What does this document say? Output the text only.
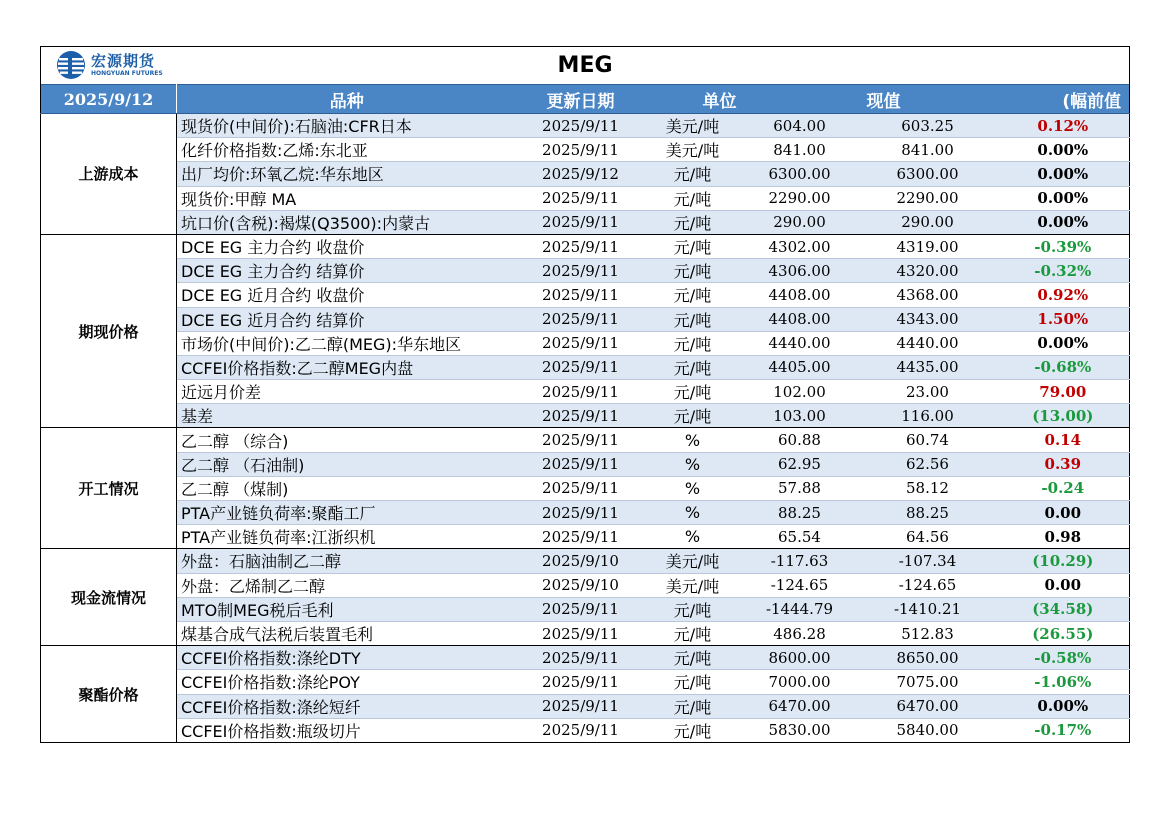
宏源期货
HONGYUAN FUTURES MEG						
2025/9/12	品种	更新日期	单位		现值	(幅前值
上游成本	现货价(中间价):石脑油:CFR日本	2025/9/11	美元/吨	604.00	603.25	0.12%
	化纤价格指数:乙烯:东北亚	2025/9/11	美元/吨	841.00	841.00	0.00%
	出厂均价:环氧乙烷:华东地区	2025/9/12	元/吨	6300.00	6300.00	0.00%
	现货价:甲醇 MA	2025/9/11	元/吨	2290.00	2290.00	0.00%
	坑口价(含税):褐煤(Q3500):内蒙古	2025/9/11	元/吨	290.00	290.00	0.00%
期现价格	DCE EG 主力合约 收盘价	2025/9/11	元/吨	4302.00	4319.00	-0.39%
	DCE EG 主力合约 结算价	2025/9/11	元/吨	4306.00	4320.00	-0.32%
	DCE EG 近月合约 收盘价	2025/9/11	元/吨	4408.00	4368.00	0.92%
	DCE EG 近月合约 结算价	2025/9/11	元/吨	4408.00	4343.00	1.50%
	市场价(中间价):乙二醇(MEG):华东地区	2025/9/11	元/吨	4440.00	4440.00	0.00%
	CCFEI价格指数:乙二醇MEG内盘	2025/9/11	元/吨	4405.00	4435.00	-0.68%
	近远月价差	2025/9/11	元/吨	102.00	23.00	79.00
	基差	2025/9/11	元/吨	103.00	116.00	(13.00)
开工情况	乙二醇 （综合)	2025/9/11	%	60.88	60.74	0.14
	乙二醇 （石油制)	2025/9/11	%	62.95	62.56	0.39
	乙二醇 （煤制)	2025/9/11	%	57.88	58.12	-0.24
	PTA产业链负荷率:聚酯工厂	2025/9/11	%	88.25	88.25	0.00
	PTA产业链负荷率:江浙织机	2025/9/11	%	65.54	64.56	0.98
现金流情况	外盘：石脑油制乙二醇	2025/9/10	美元/吨	-117.63	-107.34	(10.29)
	外盘：乙烯制乙二醇	2025/9/10	美元/吨	-124.65	-124.65	0.00
	MTO制MEG税后毛利	2025/9/11	元/吨	-1444.79	-1410.21	(34.58)
	煤基合成气法税后装置毛利	2025/9/11	元/吨	486.28	512.83	(26.55)
聚酯价格	CCFEI价格指数:涤纶DTY	2025/9/11	元/吨	8600.00	8650.00	-0.58%
	CCFEI价格指数:涤纶POY	2025/9/11	元/吨	7000.00	7075.00	-1.06%
	CCFEI价格指数:涤纶短纤	2025/9/11	元/吨	6470.00	6470.00	0.00%
	CCFEI价格指数:瓶级切片	2025/9/11	元/吨	5830.00	5840.00	-0.17%
